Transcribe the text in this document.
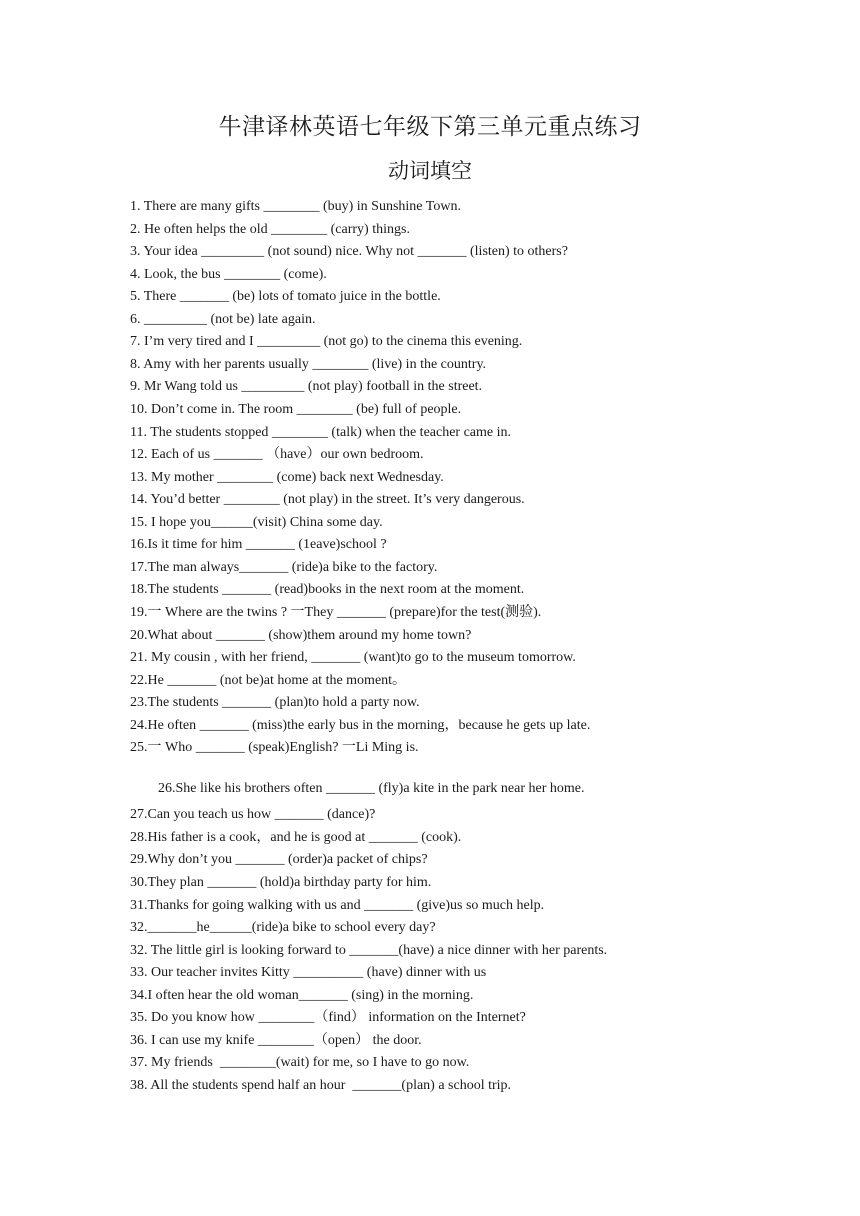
牛津译林英语七年级下第三单元重点练习
动词填空
1. There are many gifts ________ (buy) in Sunshine Town.
2. He often helps the old ________ (carry) things.
3. Your idea _________ (not sound) nice. Why not _______ (listen) to others?
4. Look, the bus ________ (come).
5. There _______ (be) lots of tomato juice in the bottle.
6. _________ (not be) late again.
7. I’m very tired and I _________ (not go) to the cinema this evening.
8. Amy with her parents usually ________ (live) in the country.
9. Mr Wang told us _________ (not play) football in the street.
10. Don’t come in. The room ________ (be) full of people.
11. The students stopped ________ (talk) when the teacher came in.
12. Each of us _______ （have）our own bedroom.
13. My mother ________ (come) back next Wednesday.
14. You’d better ________ (not play) in the street. It’s very dangerous.
15. I hope you______(visit) China some day.
16.Is it time for him _______ (1eave)school ?
17.The man always_______ (ride)a bike to the factory.
18.The students _______ (read)books in the next room at the moment.
19.一 Where are the twins ? 一They _______ (prepare)for the test(测验).
20.What about _______ (show)them around my home town?
21. My cousin , with her friend, _______ (want)to go to the museum tomorrow.
22.He _______ (not be)at home at the moment。
23.The students _______ (plan)to hold a party now.
24.He often _______ (miss)the early bus in the morning，because he gets up late.
25.一 Who _______ (speak)English? 一Li Ming is.
26.She like his brothers often _______ (fly)a kite in the park near her home.
27.Can you teach us how _______ (dance)?
28.His father is a cook，and he is good at _______ (cook).
29.Why don’t you _______ (order)a packet of chips?
30.They plan _______ (hold)a birthday party for him.
31.Thanks for going walking with us and _______ (give)us so much help.
32._______he______(ride)a bike to school every day?
32. The little girl is looking forward to _______(have) a nice dinner with her parents.
33. Our teacher invites Kitty __________ (have) dinner with us
34.I often hear the old woman_______ (sing) in the morning.
35. Do you know how ________（find） information on the Internet?
36. I can use my knife ________（open） the door.
37. My friends  ________(wait) for me, so I have to go now.
38. All the students spend half an hour  _______(plan) a school trip.
